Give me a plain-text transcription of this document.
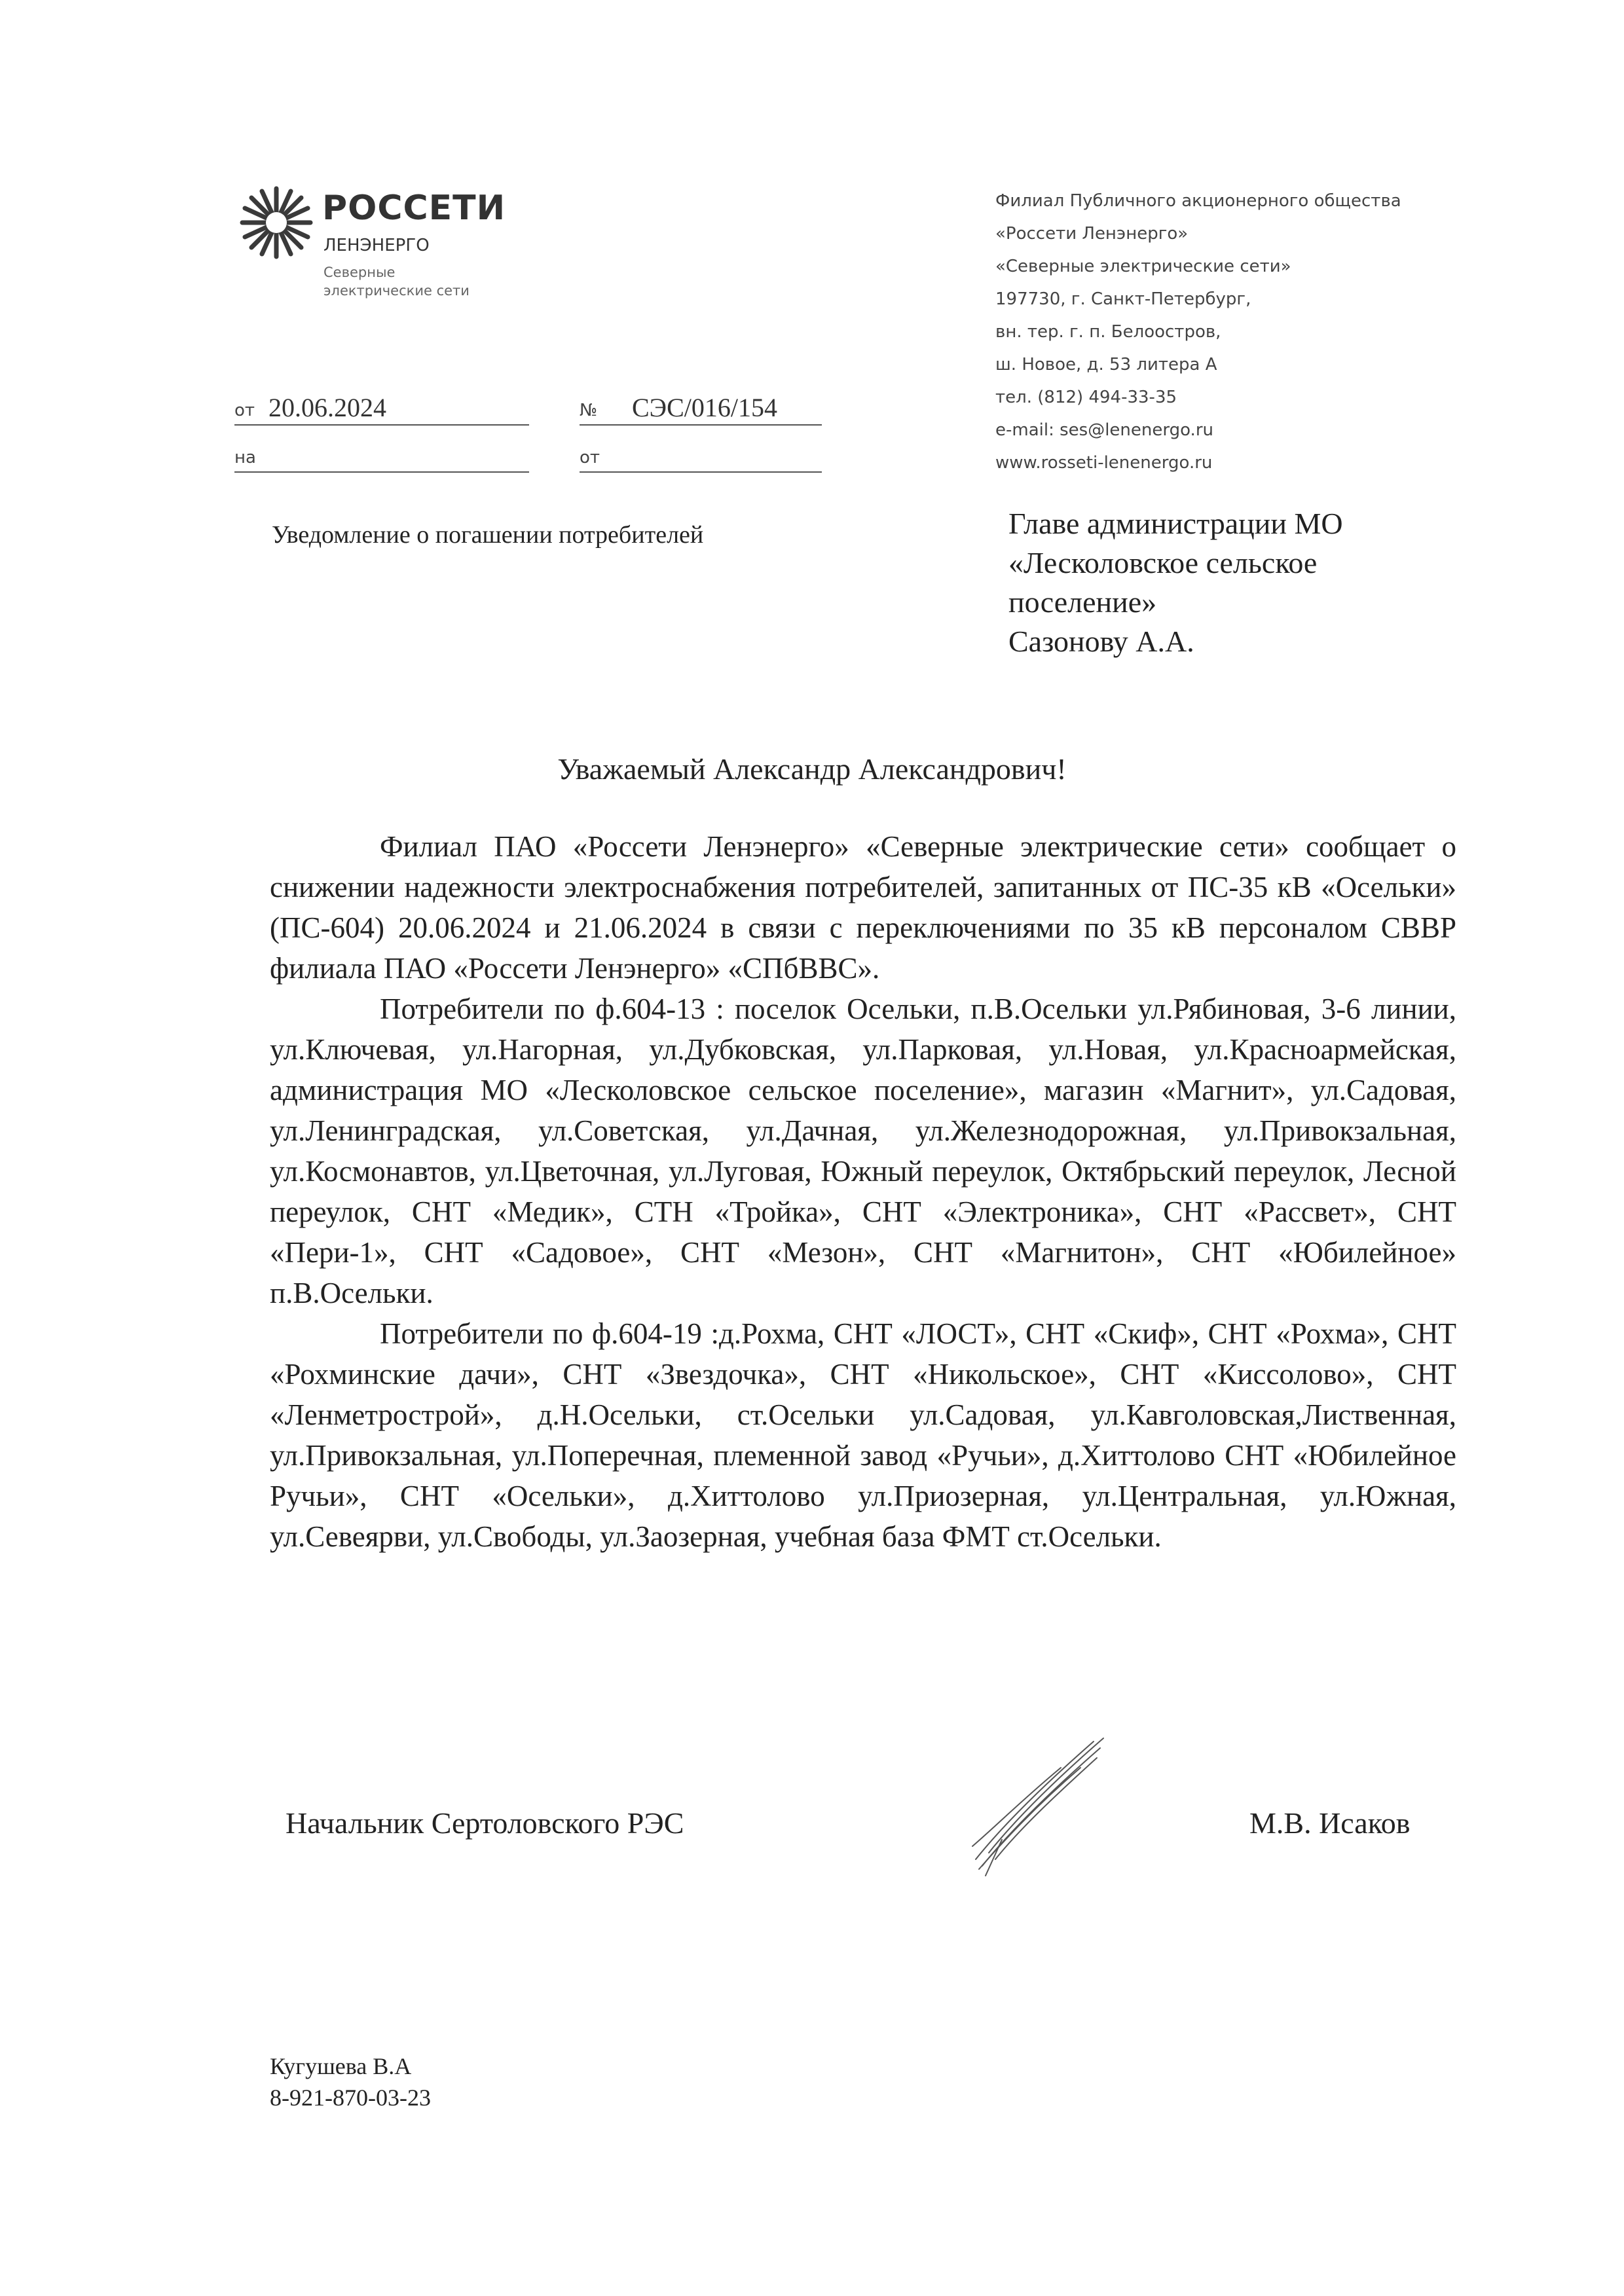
РОССЕТИ
ЛЕНЭНЕРГО
Северные
электрические сети
Филиал Публичного акционерного общества
«Россети Ленэнерго»
«Северные электрические сети»
197730, г. Санкт-Петербург,
вн. тер. г. п. Белоостров,
ш. Новое, д. 53 литера А
тел. (812) 494-33-35
e-mail: ses@lenenergo.ru
www.rosseti-lenenergo.ru
от 20.06.2024	№ СЭС/016/154
на	от
Уведомление о погашении потребителей	Главе администрации МО
«Лесколовское сельское
поселение»
Сазонову А.А.
Уважаемый Александр Александрович!

Филиал ПАО «Россети Ленэнерго» «Северные электрические сети» сообщает о снижении надежности электроснабжения потребителей, запитанных от ПС-35 кВ «Осельки» (ПС-604) 20.06.2024 и 21.06.2024 в связи с переключениями по 35 кВ персоналом СВВР филиала ПАО «Россети Ленэнерго» «СПбВВС».

Потребители по ф.604-13 : поселок Осельки, п.В.Осельки ул.Рябиновая, 3-6 линии, ул.Ключевая, ул.Нагорная, ул.Дубковская, ул.Парковая, ул.Новая, ул.Красноармейская, администрация МО «Лесколовское сельское поселение», магазин «Магнит», ул.Садовая, ул.Ленинградская, ул.Советская, ул.Дачная, ул.Железнодорожная, ул.Привокзальная, ул.Космонавтов, ул.Цветочная, ул.Луговая, Южный переулок, Октябрьский переулок, Лесной переулок, СНТ «Медик», СТН «Тройка», СНТ «Электроника», СНТ «Рассвет», СНТ «Пери-1», СНТ «Садовое», СНТ «Мезон», СНТ «Магнитон», СНТ «Юбилейное» п.В.Осельки.

Потребители по ф.604-19 :д.Рохма, СНТ «ЛОСТ», СНТ «Скиф», СНТ «Рохма», СНТ «Рохминские дачи», СНТ «Звездочка», СНТ «Никольское», СНТ «Киссолово», СНТ «Ленметрострой», д.Н.Осельки, ст.Осельки ул.Садовая, ул.Кавголовская,Лиственная, ул.Привокзальная, ул.Поперечная, племенной завод «Ручьи», д.Хиттолово СНТ «Юбилейное Ручьи», СНТ «Осельки», д.Хиттолово ул.Приозерная, ул.Центральная, ул.Южная, ул.Севеярви, ул.Свободы, ул.Заозерная, учебная база ФМТ ст.Осельки.

Начальник Сертоловского РЭС	М.В. Исаков
Кугушева В.А
8-921-870-03-23
